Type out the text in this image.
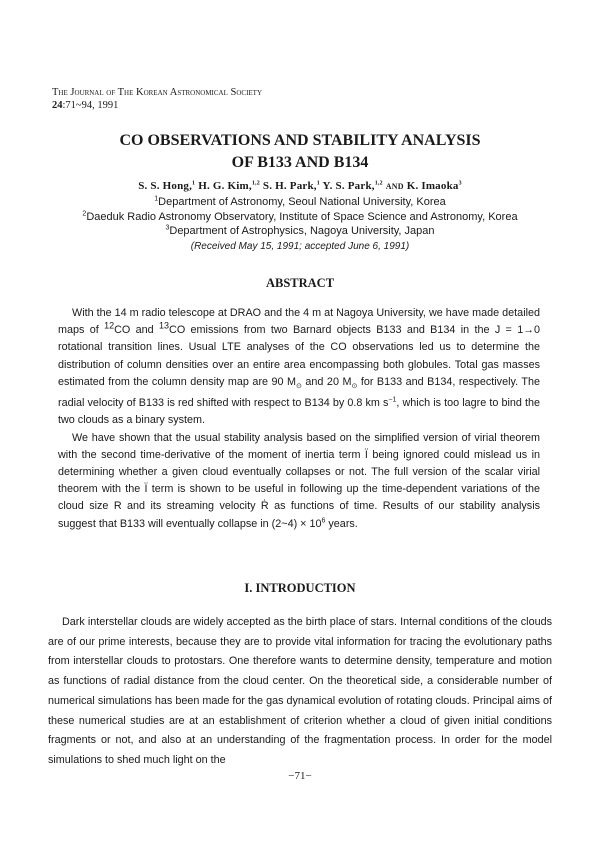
The Journal of The Korean Astronomical Society
24:71~94, 1991
CO OBSERVATIONS AND STABILITY ANALYSIS
OF B133 AND B134
S. S. Hong,$^1$ H. G. Kim,$^{1,2}$ S. H. Park,$^1$ Y. S. Park,$^{1,2}$ and K. Imaoka$^3$
$^1$Department of Astronomy, Seoul National University, Korea
$^2$Daeduk Radio Astronomy Observatory, Institute of Space Science and Astronomy, Korea
$^3$Department of Astrophysics, Nagoya University, Japan
(Received May 15, 1991; accepted June 6, 1991)
ABSTRACT

With the 14 m radio telescope at DRAO and the 4 m at Nagoya University, we have made detailed maps of $^{12}$CO and $^{13}$CO emissions from two Barnard objects B133 and B134 in the J = 1→0 rotational transition lines. Usual LTE analyses of the CO observations led us to determine the distribution of column densities over an entire area encompassing both globules. Total gas masses estimated from the column density map are 90 $M_⊙$ and 20 $M_⊙$ for B133 and B134, respectively. The radial velocity of B133 is red shifted with respect to B134 by 0.8 km $s^{-1}$, which is too lagre to bind the two clouds as a binary system.

We have shown that the usual stability analysis based on the simplified version of virial theorem with the second time-derivative of the moment of inertia term Ï being ignored could mislead us in determining whether a given cloud eventually collapses or not. The full version of the scalar virial theorem with the Ï term is shown to be useful in following up the time-dependent variations of the cloud size R and its streaming velocity Ṙ as functions of time. Results of our stability analysis suggest that B133 will eventually collapse in (2~4) × $10^6$ years.

I. INTRODUCTION

Dark interstellar clouds are widely accepted as the birth place of stars. Internal conditions of the clouds are of our prime interests, because they are to provide vital information for tracing the evolutionary paths from interstellar clouds to protostars. One therefore wants to determine density, temperature and motion as functions of radial distance from the cloud center. On the theoretical side, a considerable number of numerical simulations has been made for the gas dynamical evolution of rotating clouds. Principal aims of these numerical studies are at an establishment of criterion whether a cloud of given initial conditions fragments or not, and also at an understanding of the fragmentation process. In order for the model simulations to shed much light on the

−71−
